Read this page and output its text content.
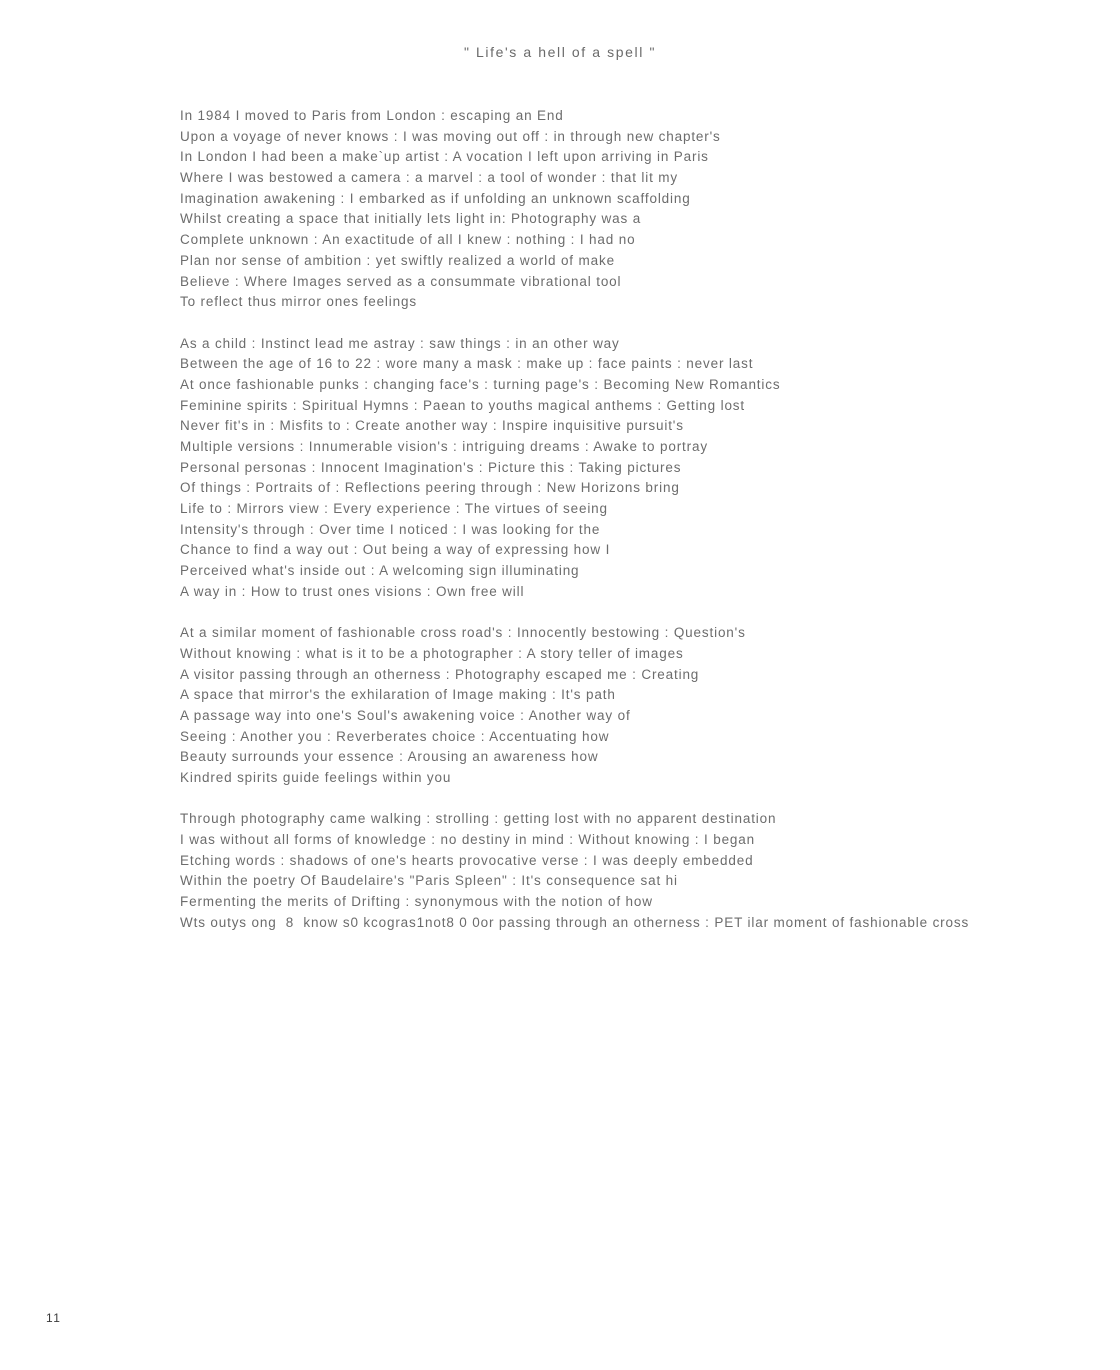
" Life's a hell of a spell "
In 1984 I moved to Paris from London : escaping an End
Upon a voyage of never knows : I was moving out off : in through new chapter's
In London I had been a make`up artist : A vocation I left upon arriving in Paris
Where I was bestowed a camera : a marvel : a tool of wonder : that lit my
Imagination awakening : I embarked as if unfolding an unknown scaffolding
Whilst creating a space that initially lets light in: Photography was a
Complete unknown : An exactitude of all I knew : nothing : I had no
Plan nor sense of ambition : yet swiftly realized a world of make
Believe : Where Images served as a consummate vibrational tool
To reflect thus mirror ones feelings
As a child : Instinct lead me astray : saw things : in an other way
Between the age of 16 to 22 : wore many a mask : make up : face paints : never last
At once fashionable punks : changing face's : turning page's : Becoming New Romantics
Feminine spirits : Spiritual Hymns : Paean to youths magical anthems : Getting lost
Never fit's in : Misfits to : Create another way : Inspire inquisitive pursuit's
Multiple versions : Innumerable vision's : intriguing dreams : Awake to portray
Personal personas : Innocent Imagination's : Picture this : Taking pictures
Of things : Portraits of : Reflections peering through : New Horizons bring
Life to : Mirrors view : Every experience : The virtues of seeing
Intensity's through : Over time I noticed : I was looking for the
Chance to find a way out : Out being a way of expressing how I
Perceived what's inside out : A welcoming sign illuminating
A way in : How to trust ones visions : Own free will
At a similar moment of fashionable cross road's : Innocently bestowing : Question's
Without knowing : what is it to be a photographer : A story teller of images
A visitor passing through an otherness : Photography escaped me : Creating
A space that mirror's the exhilaration of Image making : It's path
A passage way into one's Soul's awakening voice : Another way of
Seeing : Another you : Reverberates choice : Accentuating how
Beauty surrounds your essence : Arousing an awareness how
Kindred spirits guide feelings within you
Through photography came walking : strolling : getting lost with no apparent destination
I was without all forms of knowledge : no destiny in mind : Without knowing : I began
Etching words : shadows of one's hearts provocative verse : I was deeply embedded
Within the poetry Of Baudelaire's "Paris Spleen" : It's consequence sat hi
Fermenting the merits of Drifting : synonymous with the notion of how
Wts outys ong  8  know s0 kcogras1not8 0 0or passing through an otherness : PET ilar moment of fashionable cross
11
